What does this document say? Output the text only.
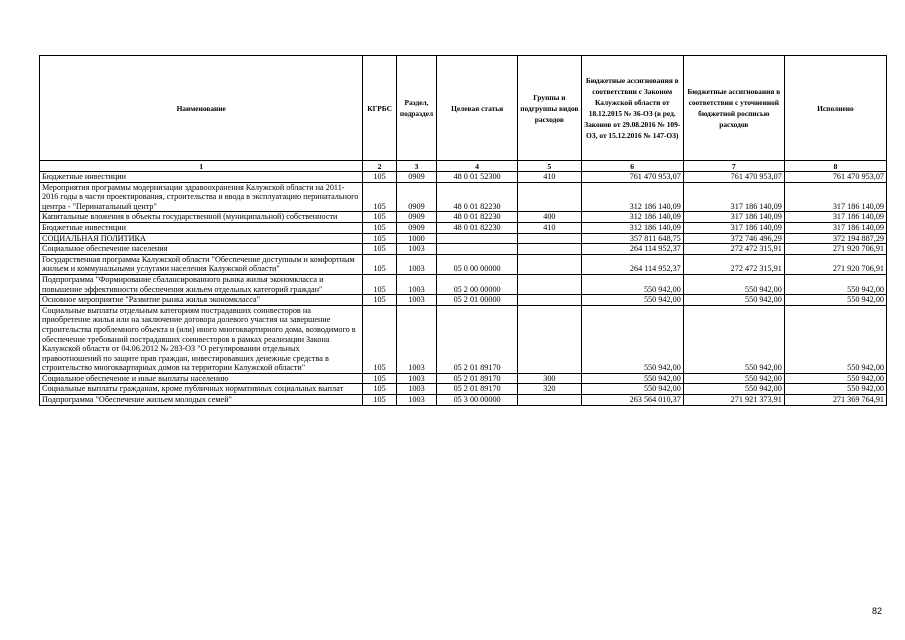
Наименование	КГРБС	Раздел, подраздел	Целевая статья	Группы и подгруппы видов расходов	Бюджетные ассигнования в соответствии с Законом Калужской области от 18.12.2015 № 36-ОЗ (в ред. Законов от 29.08.2016 № 109-ОЗ, от 15.12.2016 № 147-ОЗ)	Бюджетные ассигнования в соответствии с уточненной бюджетной росписью расходов	Исполнено
1	2	3	4	5	6	7	8
Бюджетные инвестиции	105	0909	48 0 01 52300	410	761 470 953,07	761 470 953,07	761 470 953,07
Мероприятия программы модернизации здравоохранения Калужской области на 2011-2016 годы в части проектирования, строительства и ввода в эксплуатацию перинатального центра - "Перинатальный центр"	105	0909	48 0 01 82230		312 186 140,09	317 186 140,09	317 186 140,09
Капитальные вложения в объекты государственной (муниципальной) собственности	105	0909	48 0 01 82230	400	312 186 140,09	317 186 140,09	317 186 140,09
Бюджетные инвестиции	105	0909	48 0 01 82230	410	312 186 140,09	317 186 140,09	317 186 140,09
СОЦИАЛЬНАЯ ПОЛИТИКА	105	1000			357 811 648,75	372 746 496,29	372 194 887,29
Социальное обеспечение населения	105	1003			264 114 952,37	272 472 315,91	271 920 706,91
Государственная программа Калужской области "Обеспечение доступным и комфортным жильем и коммунальными услугами населения Калужской области"	105	1003	05 0 00 00000		264 114 952,37	272 472 315,91	271 920 706,91
Подпрограмма "Формирование сбалансированного рынка жилья экономкласса и повышение эффективности обеспечения жильем отдельных категорий граждан"	105	1003	05 2 00 00000		550 942,00	550 942,00	550 942,00
Основное мероприятие "Развитие рынка жилья экономкласса"	105	1003	05 2 01 00000		550 942,00	550 942,00	550 942,00
Социальные выплаты отдельным категориям пострадавших соинвесторов на приобретение жилья или на заключение договора долевого участия на завершение строительства проблемного объекта и (или) иного многоквартирного дома, возводимого в обеспечение требований пострадавших соинвесторов в рамках реализации Закона Калужской области от 04.06.2012 № 283-ОЗ "О регулировании отдельных правоотношений по защите прав граждан, инвестировавших денежные средства в строительство многоквартирных домов на территории Калужской области"	105	1003	05 2 01 89170		550 942,00	550 942,00	550 942,00
Социальное обеспечение и иные выплаты населению	105	1003	05 2 01 89170	300	550 942,00	550 942,00	550 942,00
Социальные выплаты гражданам, кроме публичных нормативных социальных выплат	105	1003	05 2 01 89170	320	550 942,00	550 942,00	550 942,00
Подпрограмма "Обеспечение жильем молодых семей"	105	1003	05 3 00 00000		263 564 010,37	271 921 373,91	271 369 764,91
82
